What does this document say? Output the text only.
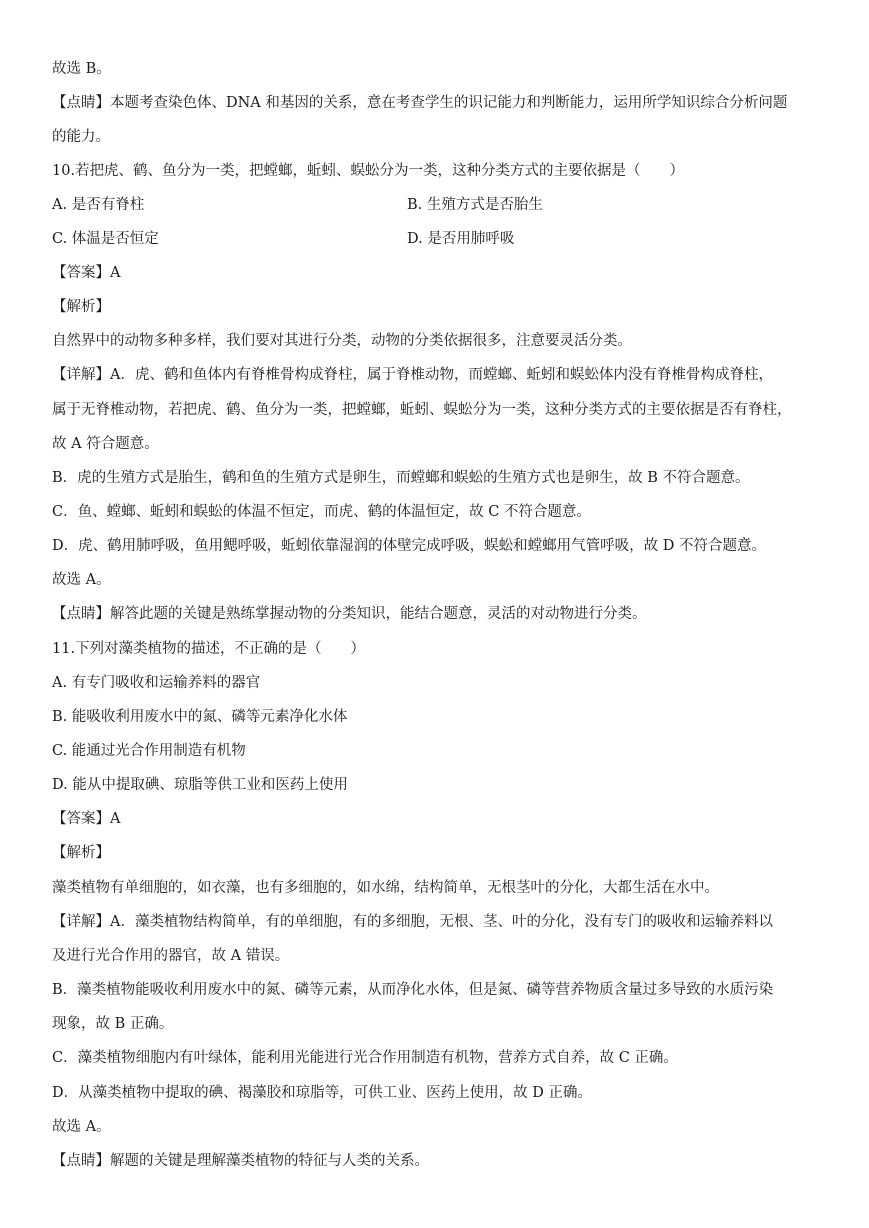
故选 B。
【点睛】本题考查染色体、DNA 和基因的关系，意在考查学生的识记能力和判断能力，运用所学知识综合分析问题
的能力。
10.若把虎、鹤、鱼分为一类，把螳螂，蚯蚓、蜈蚣分为一类，这种分类方式的主要依据是（　　）
A. 是否有脊柱	B. 生殖方式是否胎生
C. 体温是否恒定	D. 是否用肺呼吸
【答案】A
【解析】
自然界中的动物多种多样，我们要对其进行分类，动物的分类依据很多，注意要灵活分类。
【详解】A．虎、鹤和鱼体内有脊椎骨构成脊柱，属于脊椎动物，而螳螂、蚯蚓和蜈蚣体内没有脊椎骨构成脊柱，
属于无脊椎动物，若把虎、鹤、鱼分为一类，把螳螂，蚯蚓、蜈蚣分为一类，这种分类方式的主要依据是否有脊柱，
故 A 符合题意。
B．虎的生殖方式是胎生，鹤和鱼的生殖方式是卵生，而螳螂和蜈蚣的生殖方式也是卵生，故 B 不符合题意。
C．鱼、螳螂、蚯蚓和蜈蚣的体温不恒定，而虎、鹤的体温恒定，故 C 不符合题意。
D．虎、鹤用肺呼吸，鱼用鳃呼吸，蚯蚓依靠湿润的体壁完成呼吸，蜈蚣和螳螂用气管呼吸，故 D 不符合题意。
故选 A。
【点睛】解答此题的关键是熟练掌握动物的分类知识，能结合题意，灵活的对动物进行分类。
11.下列对藻类植物的描述，不正确的是（　　）
A. 有专门吸收和运输养料的器官
B. 能吸收利用废水中的氮、磷等元素净化水体
C. 能通过光合作用制造有机物
D. 能从中提取碘、琼脂等供工业和医药上使用
【答案】A
【解析】
藻类植物有单细胞的，如衣藻，也有多细胞的，如水绵，结构简单，无根茎叶的分化，大都生活在水中。
【详解】A．藻类植物结构简单，有的单细胞，有的多细胞，无根、茎、叶的分化，没有专门的吸收和运输养料以
及进行光合作用的器官，故 A 错误。
B．藻类植物能吸收利用废水中的氮、磷等元素，从而净化水体，但是氮、磷等营养物质含量过多导致的水质污染
现象，故 B 正确。
C．藻类植物细胞内有叶绿体，能利用光能进行光合作用制造有机物，营养方式自养，故 C 正确。
D．从藻类植物中提取的碘、褐藻胶和琼脂等，可供工业、医药上使用，故 D 正确。
故选 A。
【点睛】解题的关键是理解藻类植物的特征与人类的关系。
